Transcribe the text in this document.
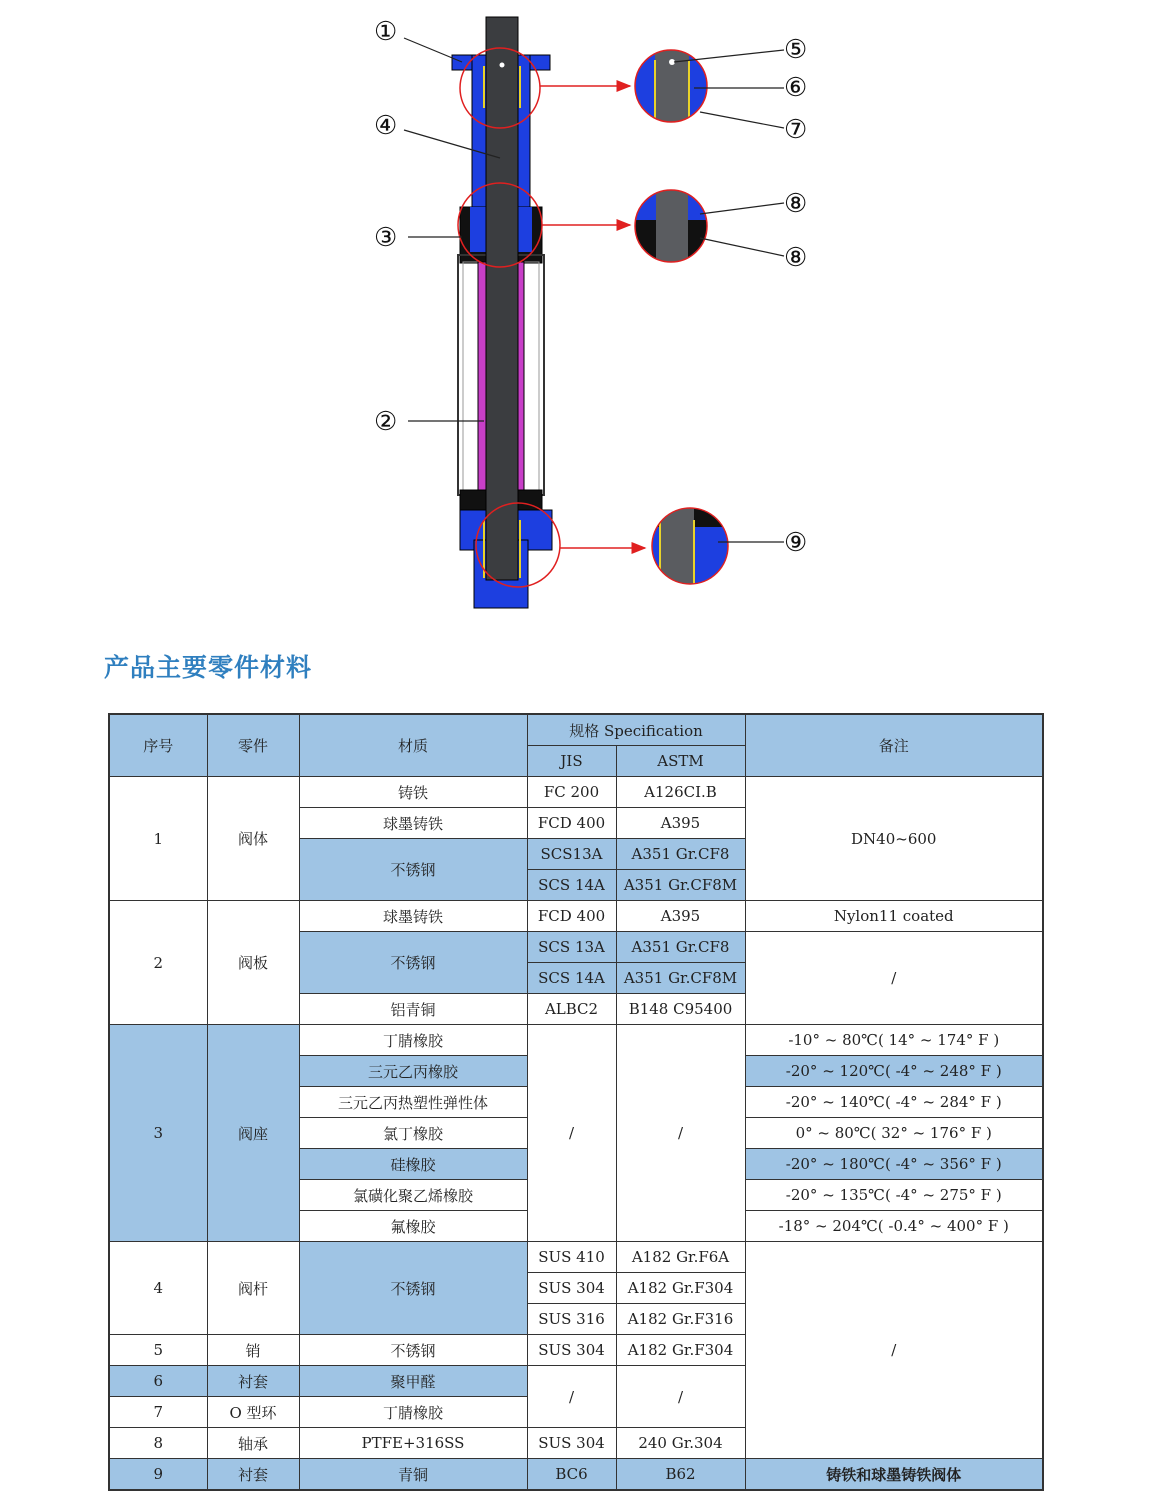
①
④
③
②
⑤
⑥
⑦
⑧
⑧
⑨
产品主要零件材料
序号	零件	材质	规格 Specification		备注
			JIS	ASTM	
1	阀体	铸铁	FC 200	A126CI.B	DN40~600
		球墨铸铁	FCD 400	A395	
		不锈钢	SCS13A	A351 Gr.CF8	
			SCS 14A	A351 Gr.CF8M	
2	阀板	球墨铸铁	FCD 400	A395	Nylon11 coated
		不锈钢	SCS 13A	A351 Gr.CF8	/
			SCS 14A	A351 Gr.CF8M	
		铝青铜	ALBC2	B148 C95400	
3	阀座	丁腈橡胶	/	/	-10° ~ 80℃( 14° ~ 174° F )
		三元乙丙橡胶			-20° ~ 120℃( -4° ~ 248° F )
		三元乙丙热塑性弹性体			-20° ~ 140℃( -4° ~ 284° F )
		氯丁橡胶			0° ~ 80℃( 32° ~ 176° F )
		硅橡胶			-20° ~ 180℃( -4° ~ 356° F )
		氯磺化聚乙烯橡胶			-20° ~ 135℃( -4° ~ 275° F )
		氟橡胶			-18° ~ 204℃( -0.4° ~ 400° F )
4	阀杆	不锈钢	SUS 410	A182 Gr.F6A	/
			SUS 304	A182 Gr.F304	
			SUS 316	A182 Gr.F316	
5	销	不锈钢	SUS 304	A182 Gr.F304	
6	衬套	聚甲醛	/	/	
7	O 型环	丁腈橡胶			
8	轴承	PTFE+316SS	SUS 304	240 Gr.304	
9	衬套	青铜	BC6	B62	铸铁和球墨铸铁阀体
